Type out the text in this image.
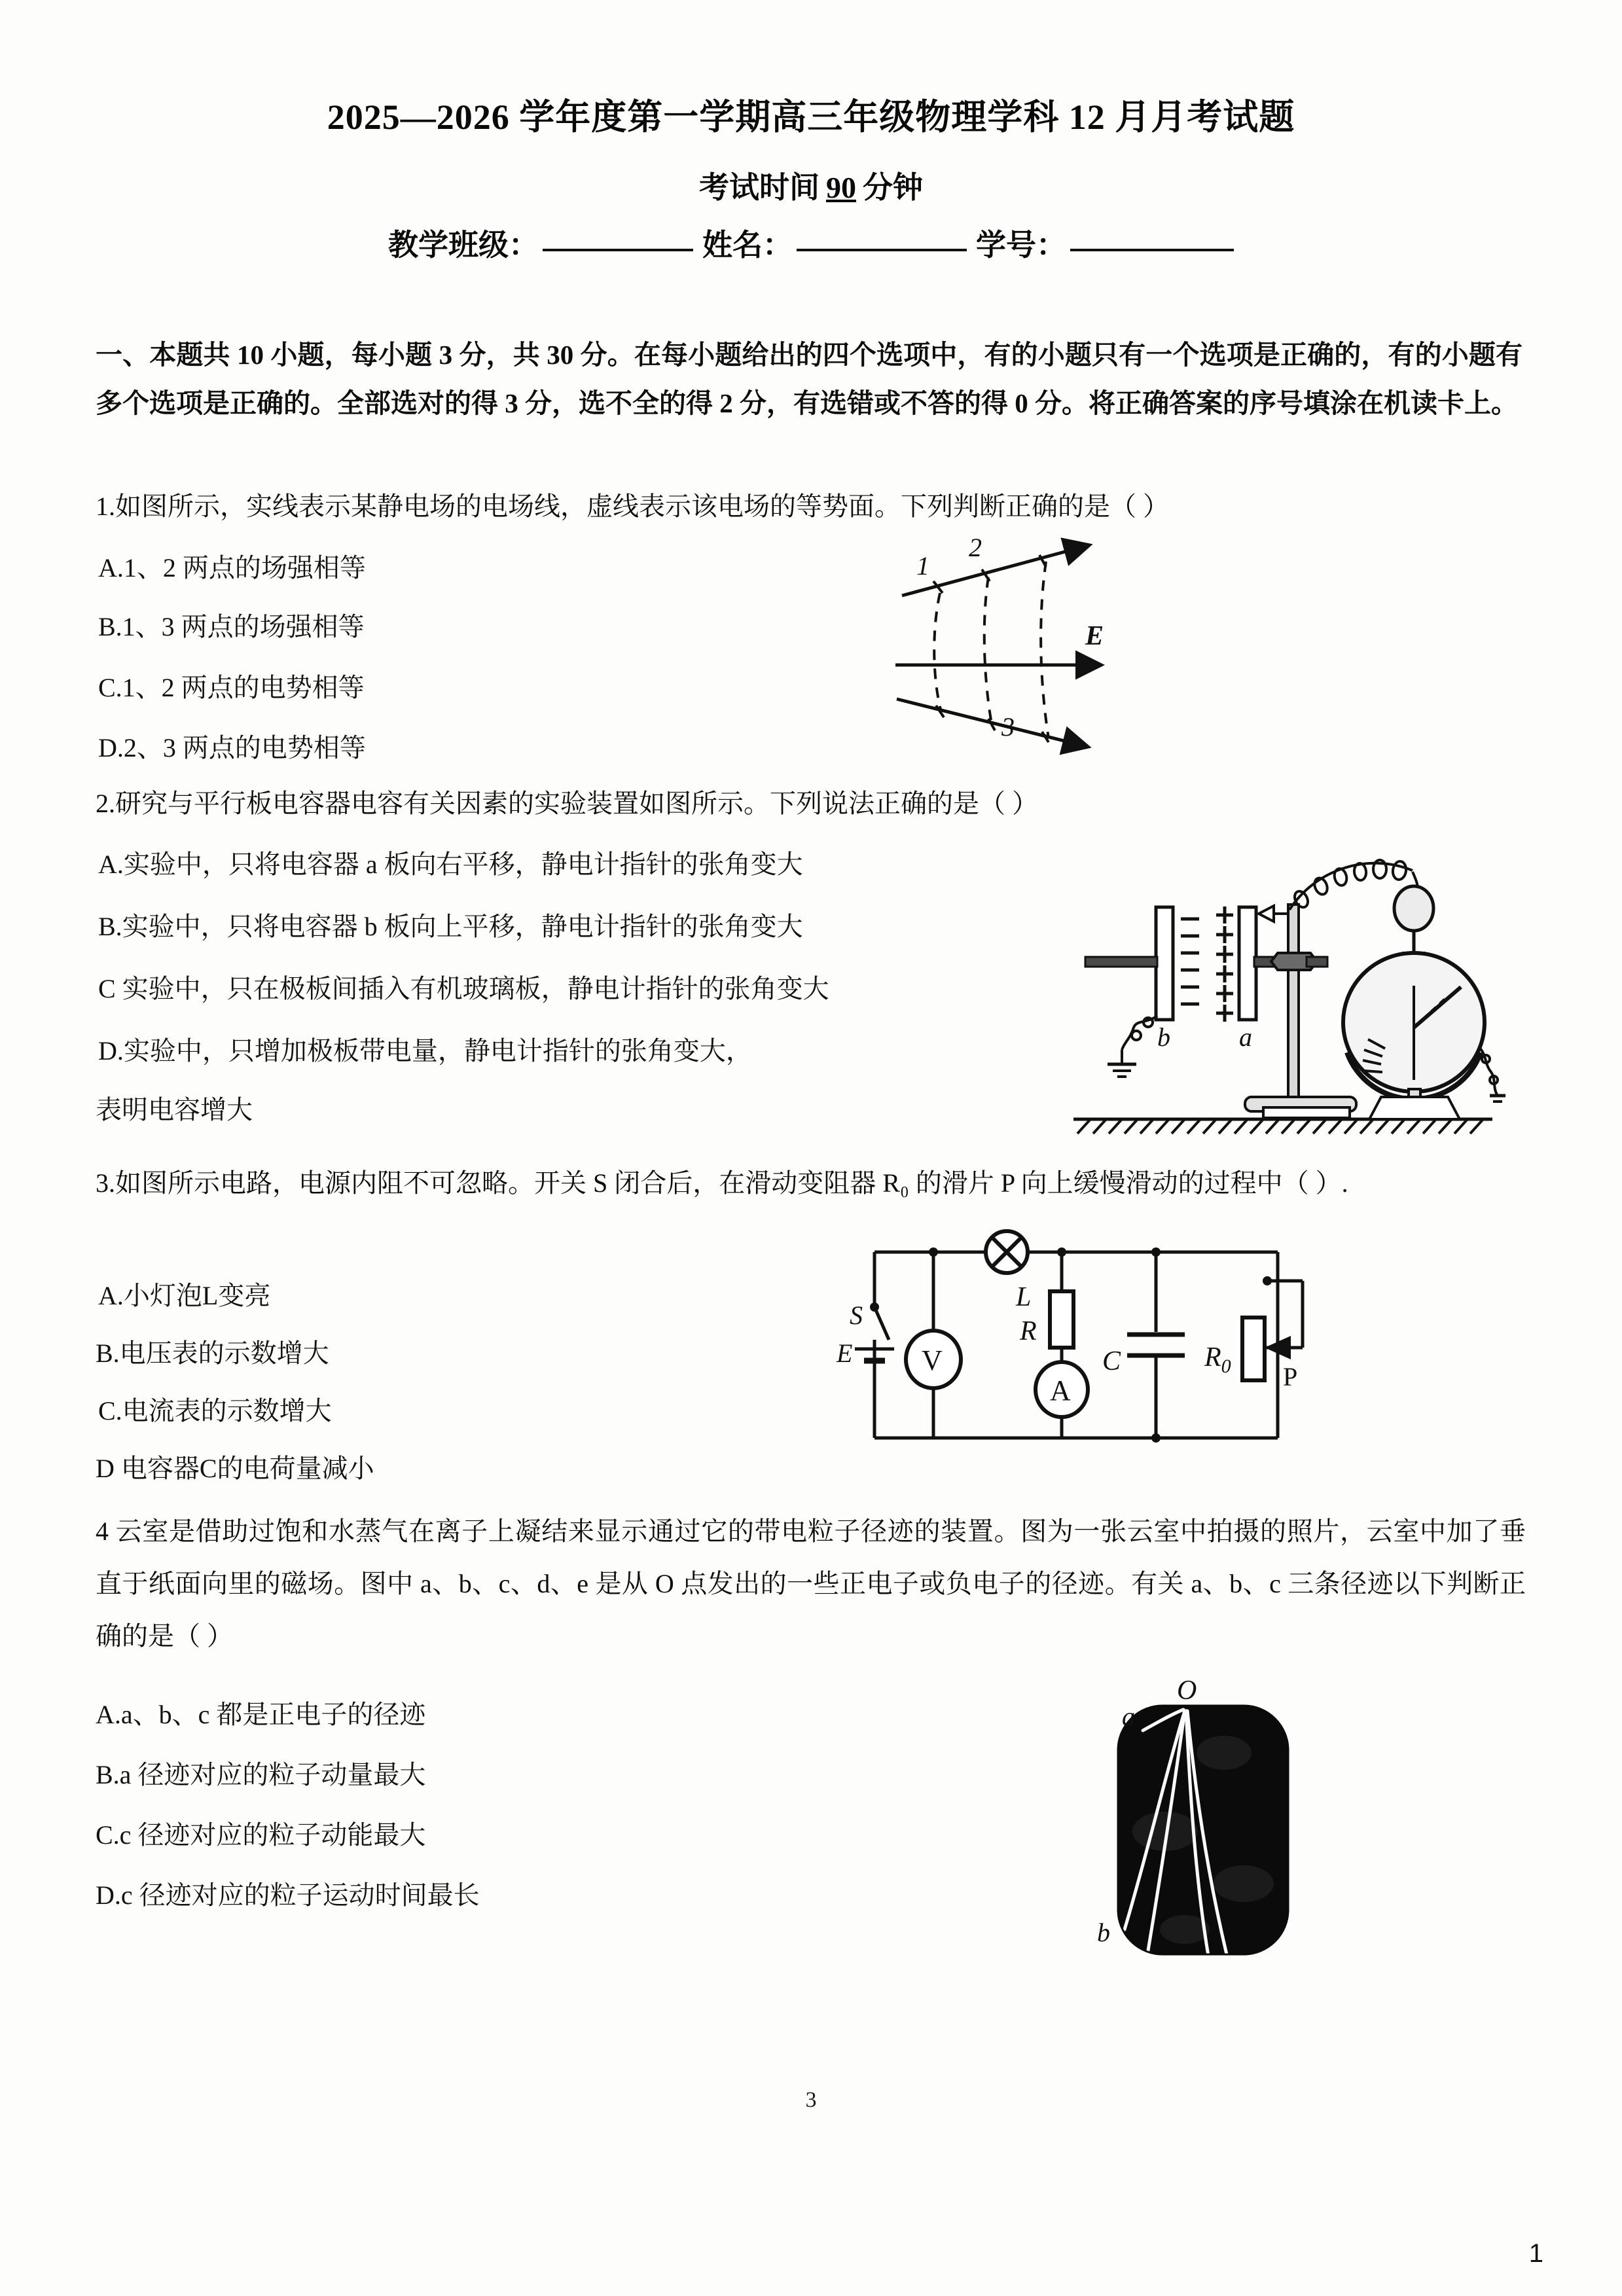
2025—2026 学年度第一学期高三年级物理学科 12 月月考试题
考试时间 90 分钟
教学班级：	姓名：	学号：
一、本题共 10 小题，每小题 3 分，共 30 分。在每小题给出的四个选项中，有的小题只有一个选项是正确的，有的小题有多个选项是正确的。全部选对的得 3 分，选不全的得 2 分，有选错或不答的得 0 分。将正确答案的序号填涂在机读卡上。
1.如图所示，实线表示某静电场的电场线，虚线表示该电场的等势面。下列判断正确的是（ ）
A.1、2 两点的场强相等
B.1、3 两点的场强相等
C.1、2 两点的电势相等
D.2、3 两点的电势相等
1
2
3
E
2.研究与平行板电容器电容有关因素的实验装置如图所示。下列说法正确的是（ ）
A.实验中，只将电容器 a 板向右平移，静电计指针的张角变大
B.实验中，只将电容器 b 板向上平移，静电计指针的张角变大
C 实验中，只在极板间插入有机玻璃板，静电计指针的张角变大
D.实验中，只增加极板带电量，静电计指针的张角变大，
表明电容增大
b	a
3.如图所示电路，电源内阻不可忽略。开关 S 闭合后，在滑动变阻器 R₀ 的滑片 P 向上缓慢滑动的过程中（ ）.
A.小灯泡L变亮
B.电压表的示数增大
C.电流表的示数增大
D 电容器C的电荷量减小
S
E V
L
R
A
C	$R_0$ P
4 云室是借助过饱和水蒸气在离子上凝结来显示通过它的带电粒子径迹的装置。图为一张云室中拍摄的照片，云室中加了垂直于纸面向里的磁场。图中 a、b、c、d、e 是从 O 点发出的一些正电子或负电子的径迹。有关 a、b、c 三条径迹以下判断正确的是（ ）
A.a、b、c 都是正电子的径迹
B.a 径迹对应的粒子动量最大
C.c 径迹对应的粒子动能最大
D.c 径迹对应的粒子运动时间最长
O
a
b
3
1
